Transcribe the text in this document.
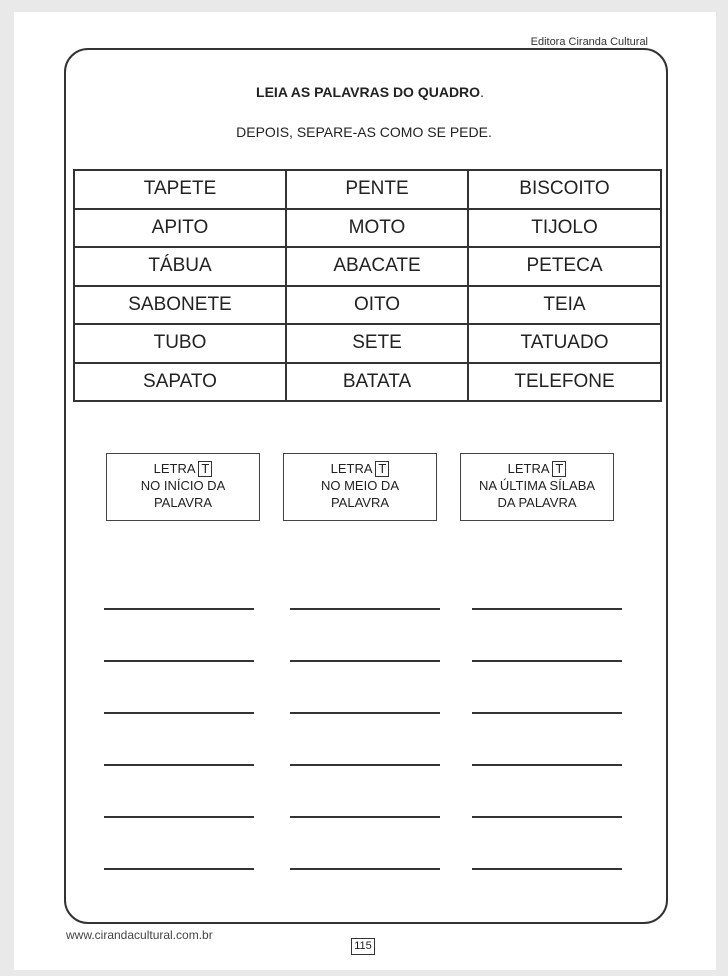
Editora Ciranda Cultural
LEIA AS PALAVRAS DO QUADRO.
DEPOIS, SEPARE-AS COMO SE PEDE.
TAPETE	PENTE	BISCOITO
APITO	MOTO	TIJOLO
TÁBUA	ABACATE	PETECA
SABONETE	OITO	TEIA
TUBO	SETE	TATUADO
SAPATO	BATATA	TELEFONE
LETRA T
NO INÍCIO DA
PALAVRA
LETRA T
NO MEIO DA
PALAVRA
LETRA T
NA ÚLTIMA SÍLABA
DA PALAVRA
www.cirandacultural.com.br
115
